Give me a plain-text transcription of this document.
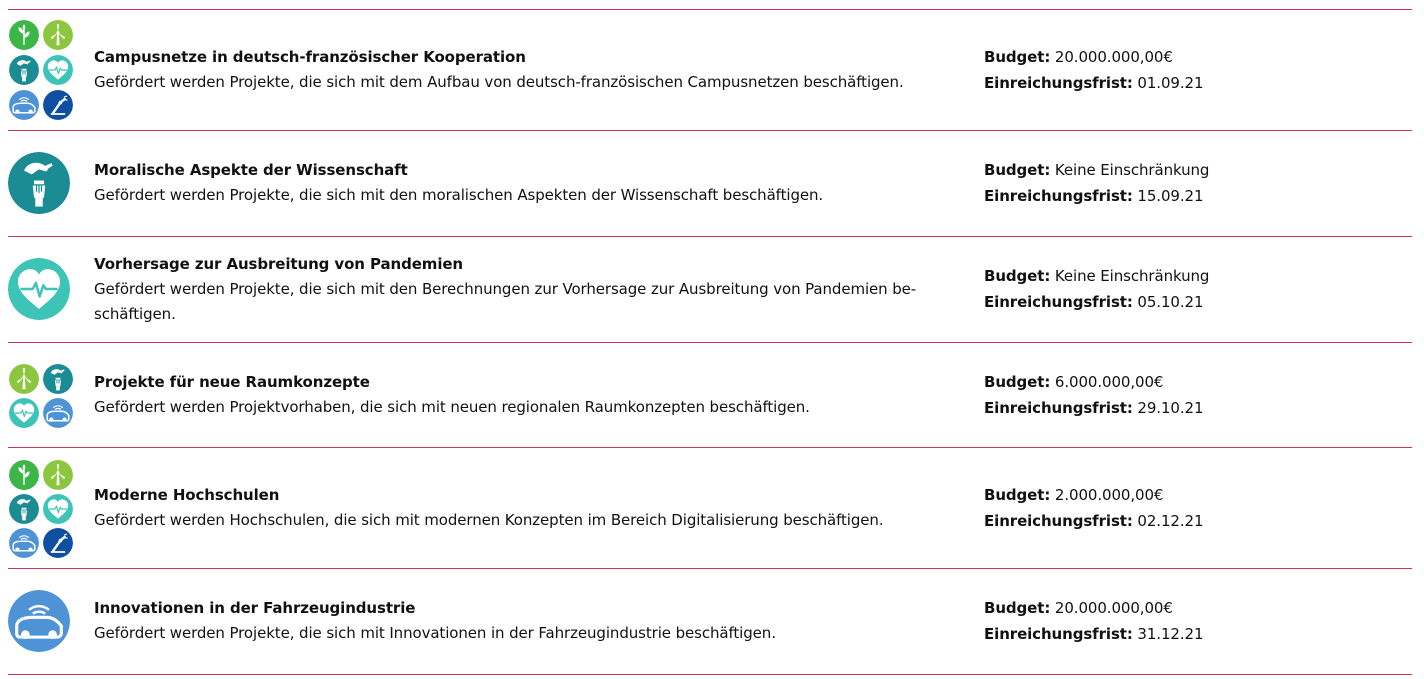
Campusnetze in deutsch-französischer Kooperation
Gefördert werden Projekte, die sich mit dem Aufbau von deutsch-französischen Campusnetzen beschäftigen.
Budget: 20.000.000,00€
Einreichungsfrist: 01.09.21
Moralische Aspekte der Wissenschaft
Gefördert werden Projekte, die sich mit den moralischen Aspekten der Wissenschaft beschäftigen.
Budget: Keine Einschränkung
Einreichungsfrist: 15.09.21
Vorhersage zur Ausbreitung von Pandemien
Gefördert werden Projekte, die sich mit den Berechnungen zur Vorhersage zur Ausbreitung von Pandemien be-
schäftigen.
Budget: Keine Einschränkung
Einreichungsfrist: 05.10.21
Projekte für neue Raumkonzepte
Gefördert werden Projektvorhaben, die sich mit neuen regionalen Raumkonzepten beschäftigen.
Budget: 6.000.000,00€
Einreichungsfrist: 29.10.21
Moderne Hochschulen
Gefördert werden Hochschulen, die sich mit modernen Konzepten im Bereich Digitalisierung beschäftigen.
Budget: 2.000.000,00€
Einreichungsfrist: 02.12.21
Innovationen in der Fahrzeugindustrie
Gefördert werden Projekte, die sich mit Innovationen in der Fahrzeugindustrie beschäftigen.
Budget: 20.000.000,00€
Einreichungsfrist: 31.12.21
